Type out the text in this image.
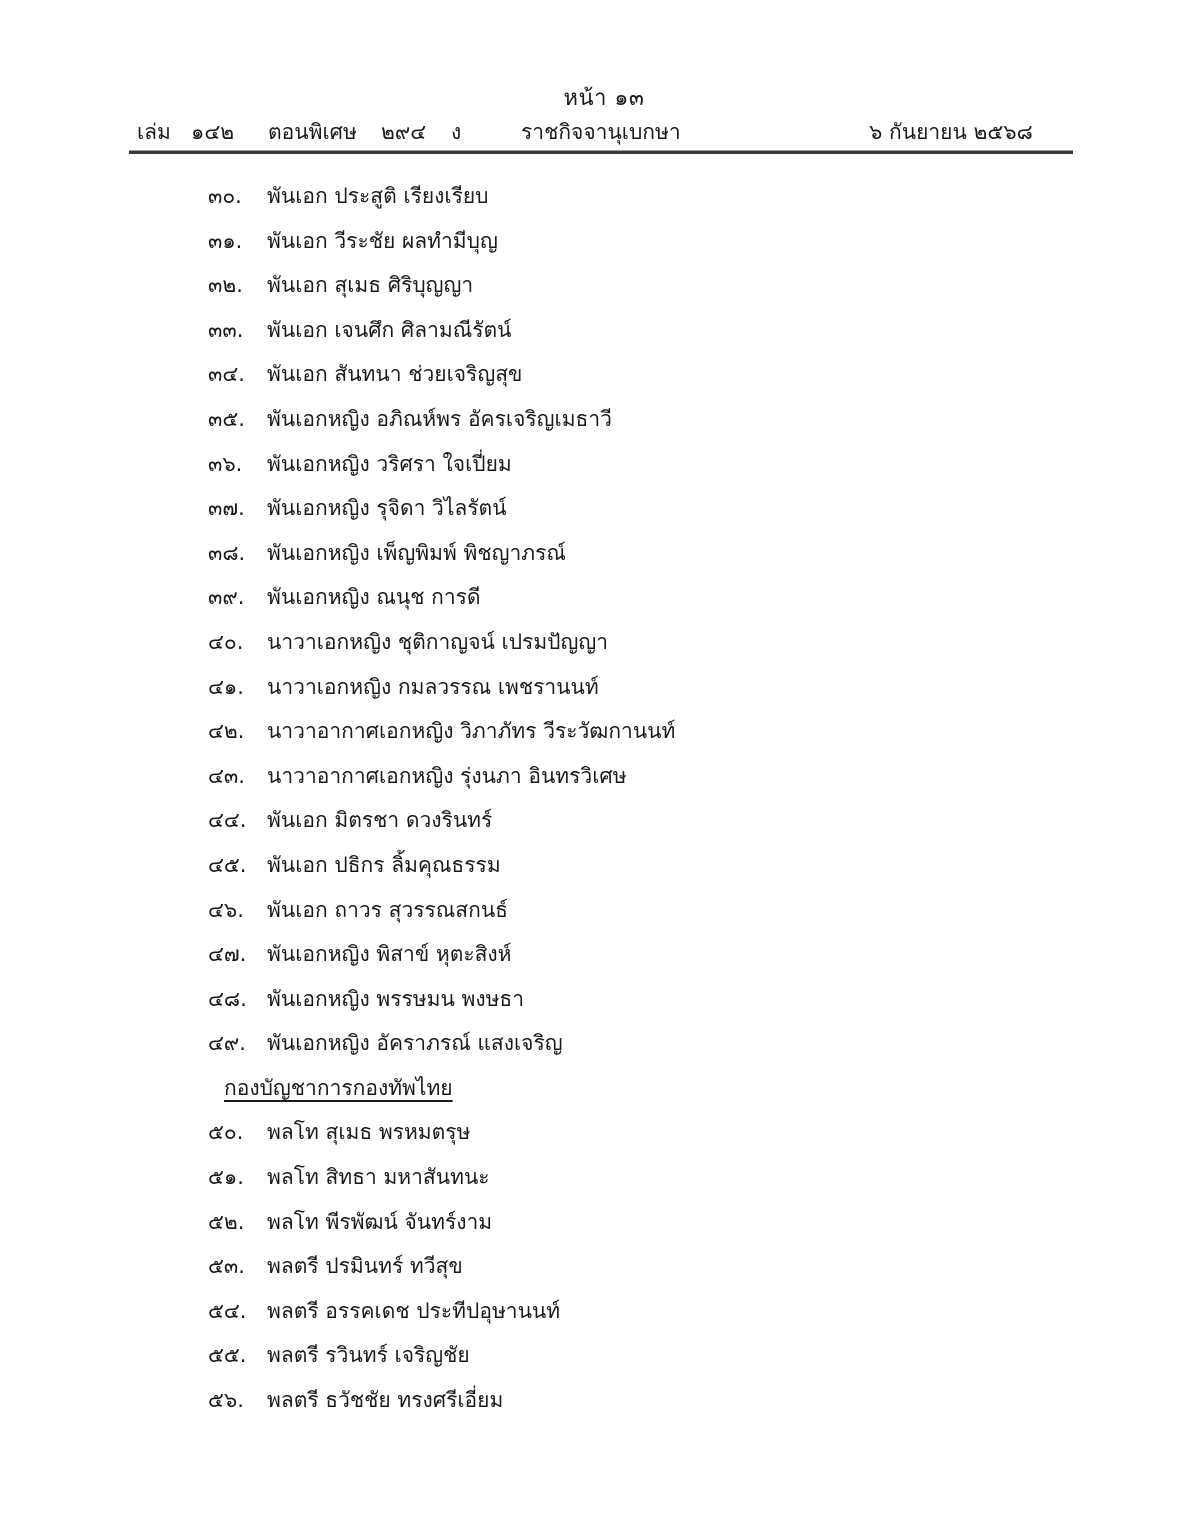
หน้า ๑๓
เล่ม ๑๔๒ ตอนพิเศษ ๒๙๔ ง	ราชกิจจานุเบกษา	๖ กันยายน ๒๕๖๘
๓๐.	พันเอก ประสูติ เรียงเรียบ
๓๑.	พันเอก วีระชัย ผลทำมีบุญ
๓๒.	พันเอก สุเมธ ศิริบุญญา
๓๓.	พันเอก เจนศึก ศิลามณีรัตน์
๓๔.	พันเอก สันทนา ช่วยเจริญสุข
๓๕.	พันเอกหญิง อภิณห์พร อัครเจริญเมธาวี
๓๖.	พันเอกหญิง วริศรา ใจเปี่ยม
๓๗.	พันเอกหญิง รุจิดา วิไลรัตน์
๓๘.	พันเอกหญิง เพ็ญพิมพ์ พิชญาภรณ์
๓๙.	พันเอกหญิง ณนุช การดี
๔๐.	นาวาเอกหญิง ชุติกาญจน์ เปรมปัญญา
๔๑.	นาวาเอกหญิง กมลวรรณ เพชรานนท์
๔๒.	นาวาอากาศเอกหญิง วิภาภัทร วีระวัฒกานนท์
๔๓.	นาวาอากาศเอกหญิง รุ่งนภา อินทรวิเศษ
๔๔. พันเอก มิตรชา ดวงรินทร์
๔๕. พันเอก ปธิกร ลิ้มคุณธรรม
๔๖.	พันเอก ถาวร สุวรรณสกนธ์
๔๗. พันเอกหญิง พิสาข์ หุตะสิงห์
๔๘. พันเอกหญิง พรรษมน พงษธา
๔๙.	พันเอกหญิง อัคราภรณ์ แสงเจริญ
กองบัญชาการกองทัพไทย
๕๐.	พลโท สุเมธ พรหมตรุษ
๕๑.	พลโท สิทธา มหาสันทนะ
๕๒.	พลโท พีรพัฒน์ จันทร์งาม
๕๓.	พลตรี ปรมินทร์ ทวีสุข
๕๔. พลตรี อรรคเดช ประทีปอุษานนท์
๕๕. พลตรี รวินทร์ เจริญชัย
๕๖.	พลตรี ธวัชชัย ทรงศรีเอี่ยม
